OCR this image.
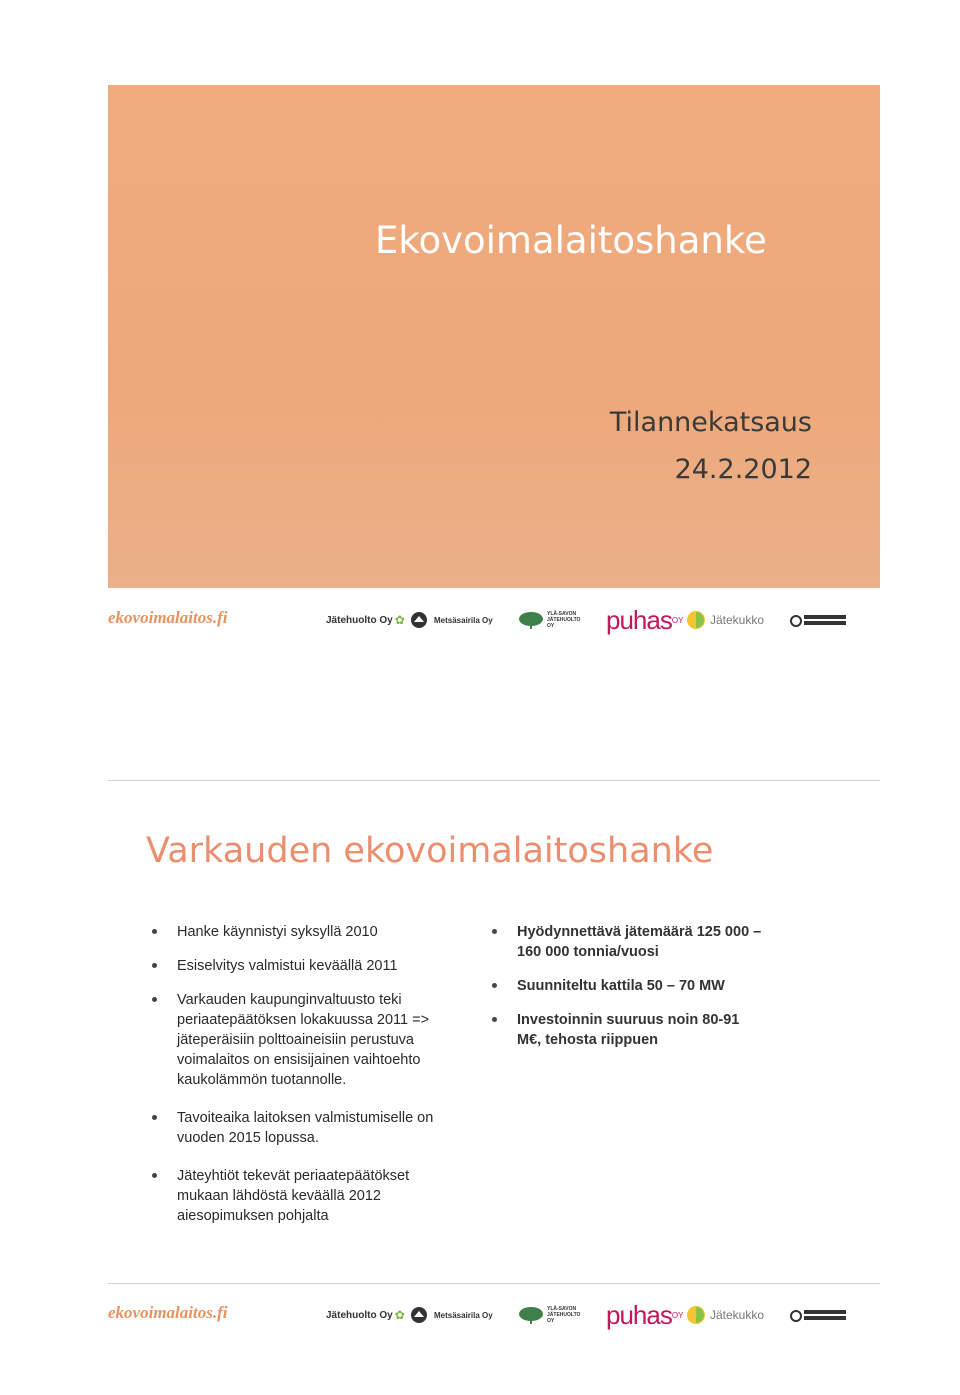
Ekovoimalaitoshanke
Tilannekatsaus
24.2.2012
ekovoimalaitos.fi	Jätehuolto Oy ✿	Metsäsairila Oy
YLÄ-SAVON JÄTEHUOLTO OY	puhas OY Jätekukko
Varkauden ekovoimalaitoshanke
Hanke käynnistyi syksyllä 2010
Esiselvitys valmistui keväällä 2011
Varkauden kaupunginvaltuusto teki periaatepäätöksen lokakuussa 2011 => jäteperäisiin polttoaineisiin perustuva voimalaitos on ensisijainen vaihtoehto kaukolämmön tuotannolle.
Tavoiteaika laitoksen valmistumiselle on vuoden 2015 lopussa.
Jäteyhtiöt tekevät periaatepäätökset mukaan lähdöstä keväällä 2012 aiesopimuksen pohjalta
Hyödynnettävä jätemäärä 125 000 – 160 000 tonnia/vuosi
Suunniteltu kattila 50 – 70 MW
Investoinnin suuruus noin 80-91 M€, tehosta riippuen
ekovoimalaitos.fi	Jätehuolto Oy ✿	Metsäsairila Oy
YLÄ-SAVON JÄTEHUOLTO OY	puhas OY Jätekukko
